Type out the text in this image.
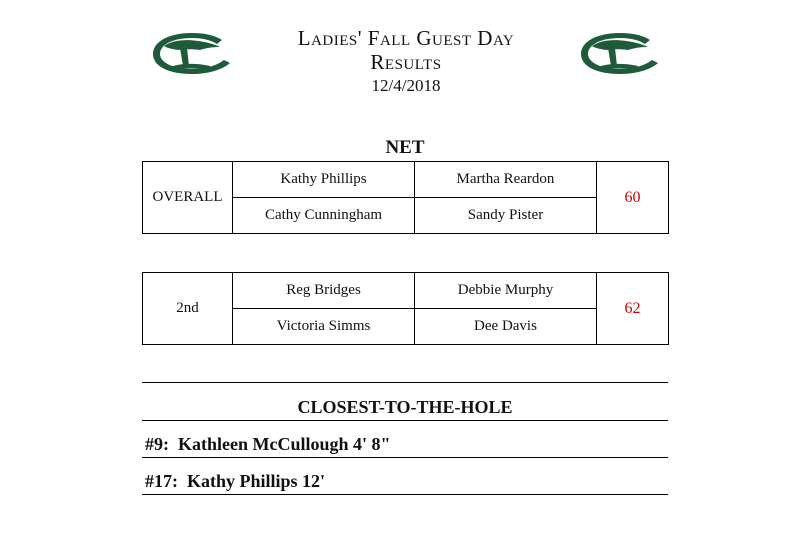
Ladies' Fall Guest Day
Results
12/4/2018
NET
OVERALL	Kathy Phillips	Martha Reardon	60
	Cathy Cunningham	Sandy Pister	
2nd	Reg Bridges	Debbie Murphy	62
	Victoria Simms	Dee Davis	
CLOSEST-TO-THE-HOLE
#9:  Kathleen McCullough 4' 8"
#17:  Kathy Phillips 12'
